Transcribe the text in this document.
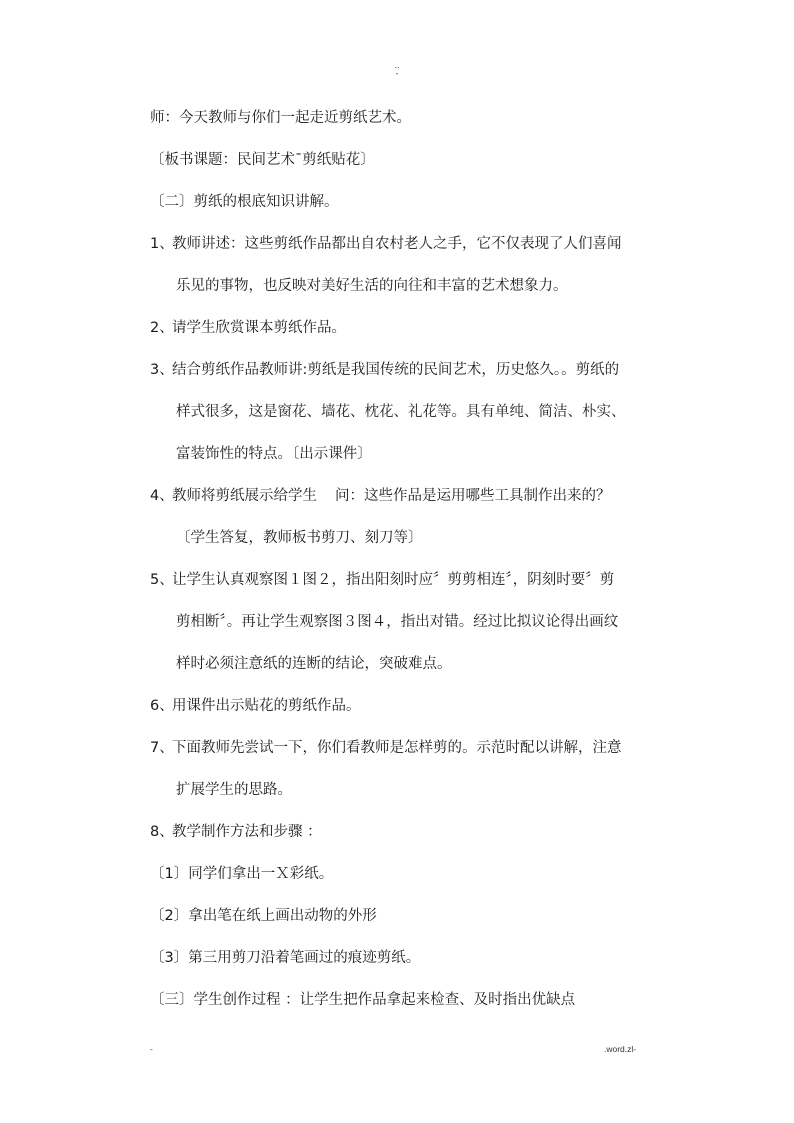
..
-
师：今天教师与你们一起走近剪纸艺术。
〔板书课题：民间艺术¯剪纸贴花〕
〔二〕剪纸的根底知识讲解。
1、教师讲述：这些剪纸作品都出自农村老人之手，它不仅表现了人们喜闻
乐见的事物，也反映对美好生活的向往和丰富的艺术想象力。
2、请学生欣赏课本剪纸作品。
3、结合剪纸作品教师讲:剪纸是我国传统的民间艺术，历史悠久。。剪纸的
样式很多，这是窗花、墙花、枕花、礼花等。具有单纯、简洁、朴实、
富装饰性的特点。〔出示课件〕
4、教师将剪纸展示给学生 问：这些作品是运用哪些工具制作出来的？
〔学生答复，教师板书剪刀、刻刀等〕
5、让学生认真观察图１图２，指出阳刻时应〞剪剪相连〞，阴刻时要〞剪
剪相断〞。再让学生观察图３图４，指出对错。经过比拟议论得出画纹
样时必须注意纸的连断的结论，突破难点。
6、用课件出示贴花的剪纸作品。
7、下面教师先尝试一下，你们看教师是怎样剪的。示范时配以讲解，注意
扩展学生的思路。
8、教学制作方法和步骤 ：
〔1〕同学们拿出一Ｘ彩纸。
〔2〕拿出笔在纸上画出动物的外形
〔3〕第三用剪刀沿着笔画过的痕迹剪纸。
〔三〕学生创作过程 ：让学生把作品拿起来检查、及时指出优缺点
-	.word.zl-
